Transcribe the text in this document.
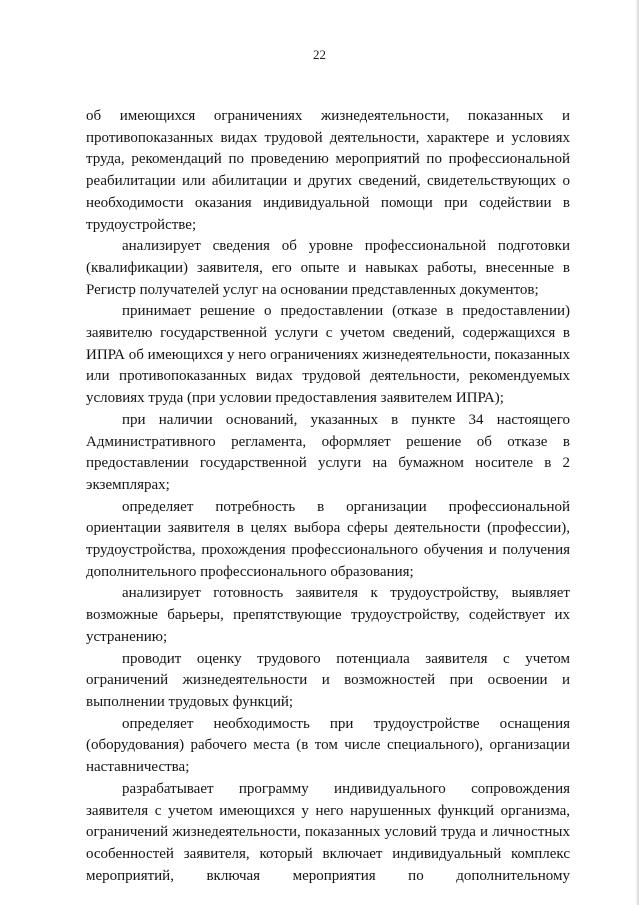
22

об имеющихся ограничениях жизнедеятельности, показанных и противопоказанных видах трудовой деятельности, характере и условиях труда, рекомендаций по проведению мероприятий по профессиональной реабилитации или абилитации и других сведений, свидетельствующих о необходимости оказания индивидуальной помощи при содействии в трудоустройстве;

анализирует сведения об уровне профессиональной подготовки (квалификации) заявителя, его опыте и навыках работы, внесенные в Регистр получателей услуг на основании представленных документов;

принимает решение о предоставлении (отказе в предоставлении) заявителю государственной услуги с учетом сведений, содержащихся в ИПРА об имеющихся у него ограничениях жизнедеятельности, показанных или противопоказанных видах трудовой деятельности, рекомендуемых условиях труда (при условии предоставления заявителем ИПРА);

при наличии оснований, указанных в пункте 34 настоящего Административного регламента, оформляет решение об отказе в предоставлении государственной услуги на бумажном носителе в 2 экземплярах;

определяет потребность в организации профессиональной ориентации заявителя в целях выбора сферы деятельности (профессии), трудоустройства, прохождения профессионального обучения и получения дополнительного профессионального образования;

анализирует готовность заявителя к трудоустройству, выявляет возможные барьеры, препятствующие трудоустройству, содействует их устранению;

проводит оценку трудового потенциала заявителя с учетом ограничений жизнедеятельности и возможностей при освоении и выполнении трудовых функций;

определяет необходимость при трудоустройстве оснащения (оборудования) рабочего места (в том числе специального), организации наставничества;

разрабатывает программу индивидуального сопровождения заявителя с учетом имеющихся у него нарушенных функций организма, ограничений жизнедеятельности, показанных условий труда и личностных особенностей заявителя, который включает индивидуальный комплекс мероприятий, включая мероприятия по дополнительному
